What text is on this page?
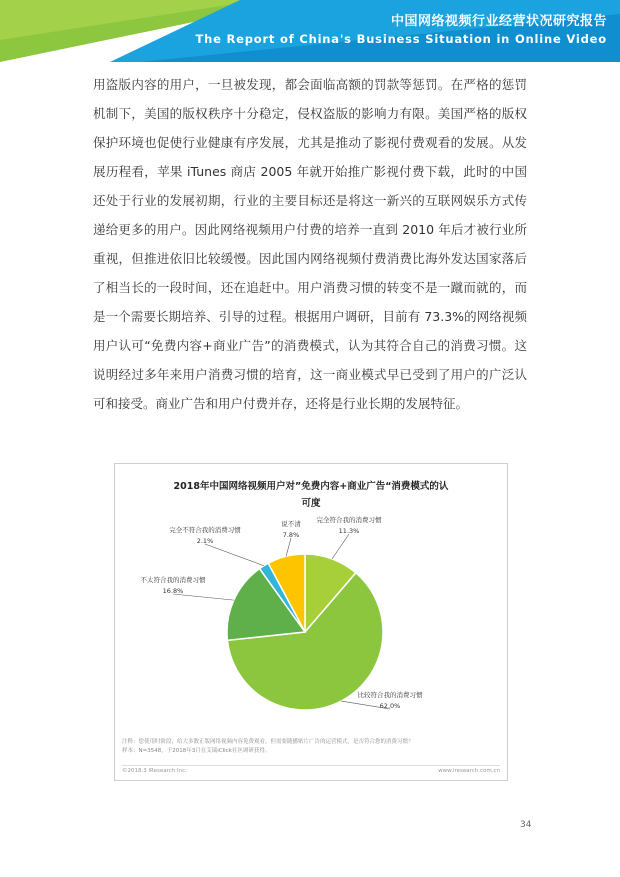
中国网络视频行业经营状况研究报告
The Report of China's Business Situation in Online Video

用盗版内容的用户，一旦被发现，都会面临高额的罚款等惩罚。在严格的惩罚机制下，美国的版权秩序十分稳定，侵权盗版的影响力有限。美国严格的版权保护环境也促使行业健康有序发展，尤其是推动了影视付费观看的发展。从发展历程看，苹果 iTunes 商店 2005 年就开始推广影视付费下载，此时的中国还处于行业的发展初期，行业的主要目标还是将这一新兴的互联网娱乐方式传递给更多的用户。因此网络视频用户付费的培养一直到 2010 年后才被行业所重视，但推进依旧比较缓慢。因此国内网络视频付费消费比海外发达国家落后了相当长的一段时间，还在追赶中。用户消费习惯的转变不是一蹴而就的，而是一个需要长期培养、引导的过程。根据用户调研，目前有 73.3%的网络视频用户认可“免费内容+商业广告”的消费模式，认为其符合自己的消费习惯。这说明经过多年来用户消费习惯的培育，这一商业模式早已受到了用户的广泛认可和接受。商业广告和用户付费并存，还将是行业长期的发展特征。

2018年中国网络视频用户对”免费内容+商业广告“消费模式的认
可度
完全符合我的消费习惯
11.3%
比较符合我的消费习惯
62.0%
不太符合我的消费习惯
16.8%
完全不符合我的消费习惯
2.1%
说不清
7.8%
注释：您使用时阶段，给大多数正版网络视频内容免费观看，但需要随播贴片广告的运营模式，是否符合您的消费习惯？
样本：N=3548，于2018年3月在艾瑞iClick社区调研获得。
©2018.3 iResearch Inc.	www.iresearch.com.cn
34
